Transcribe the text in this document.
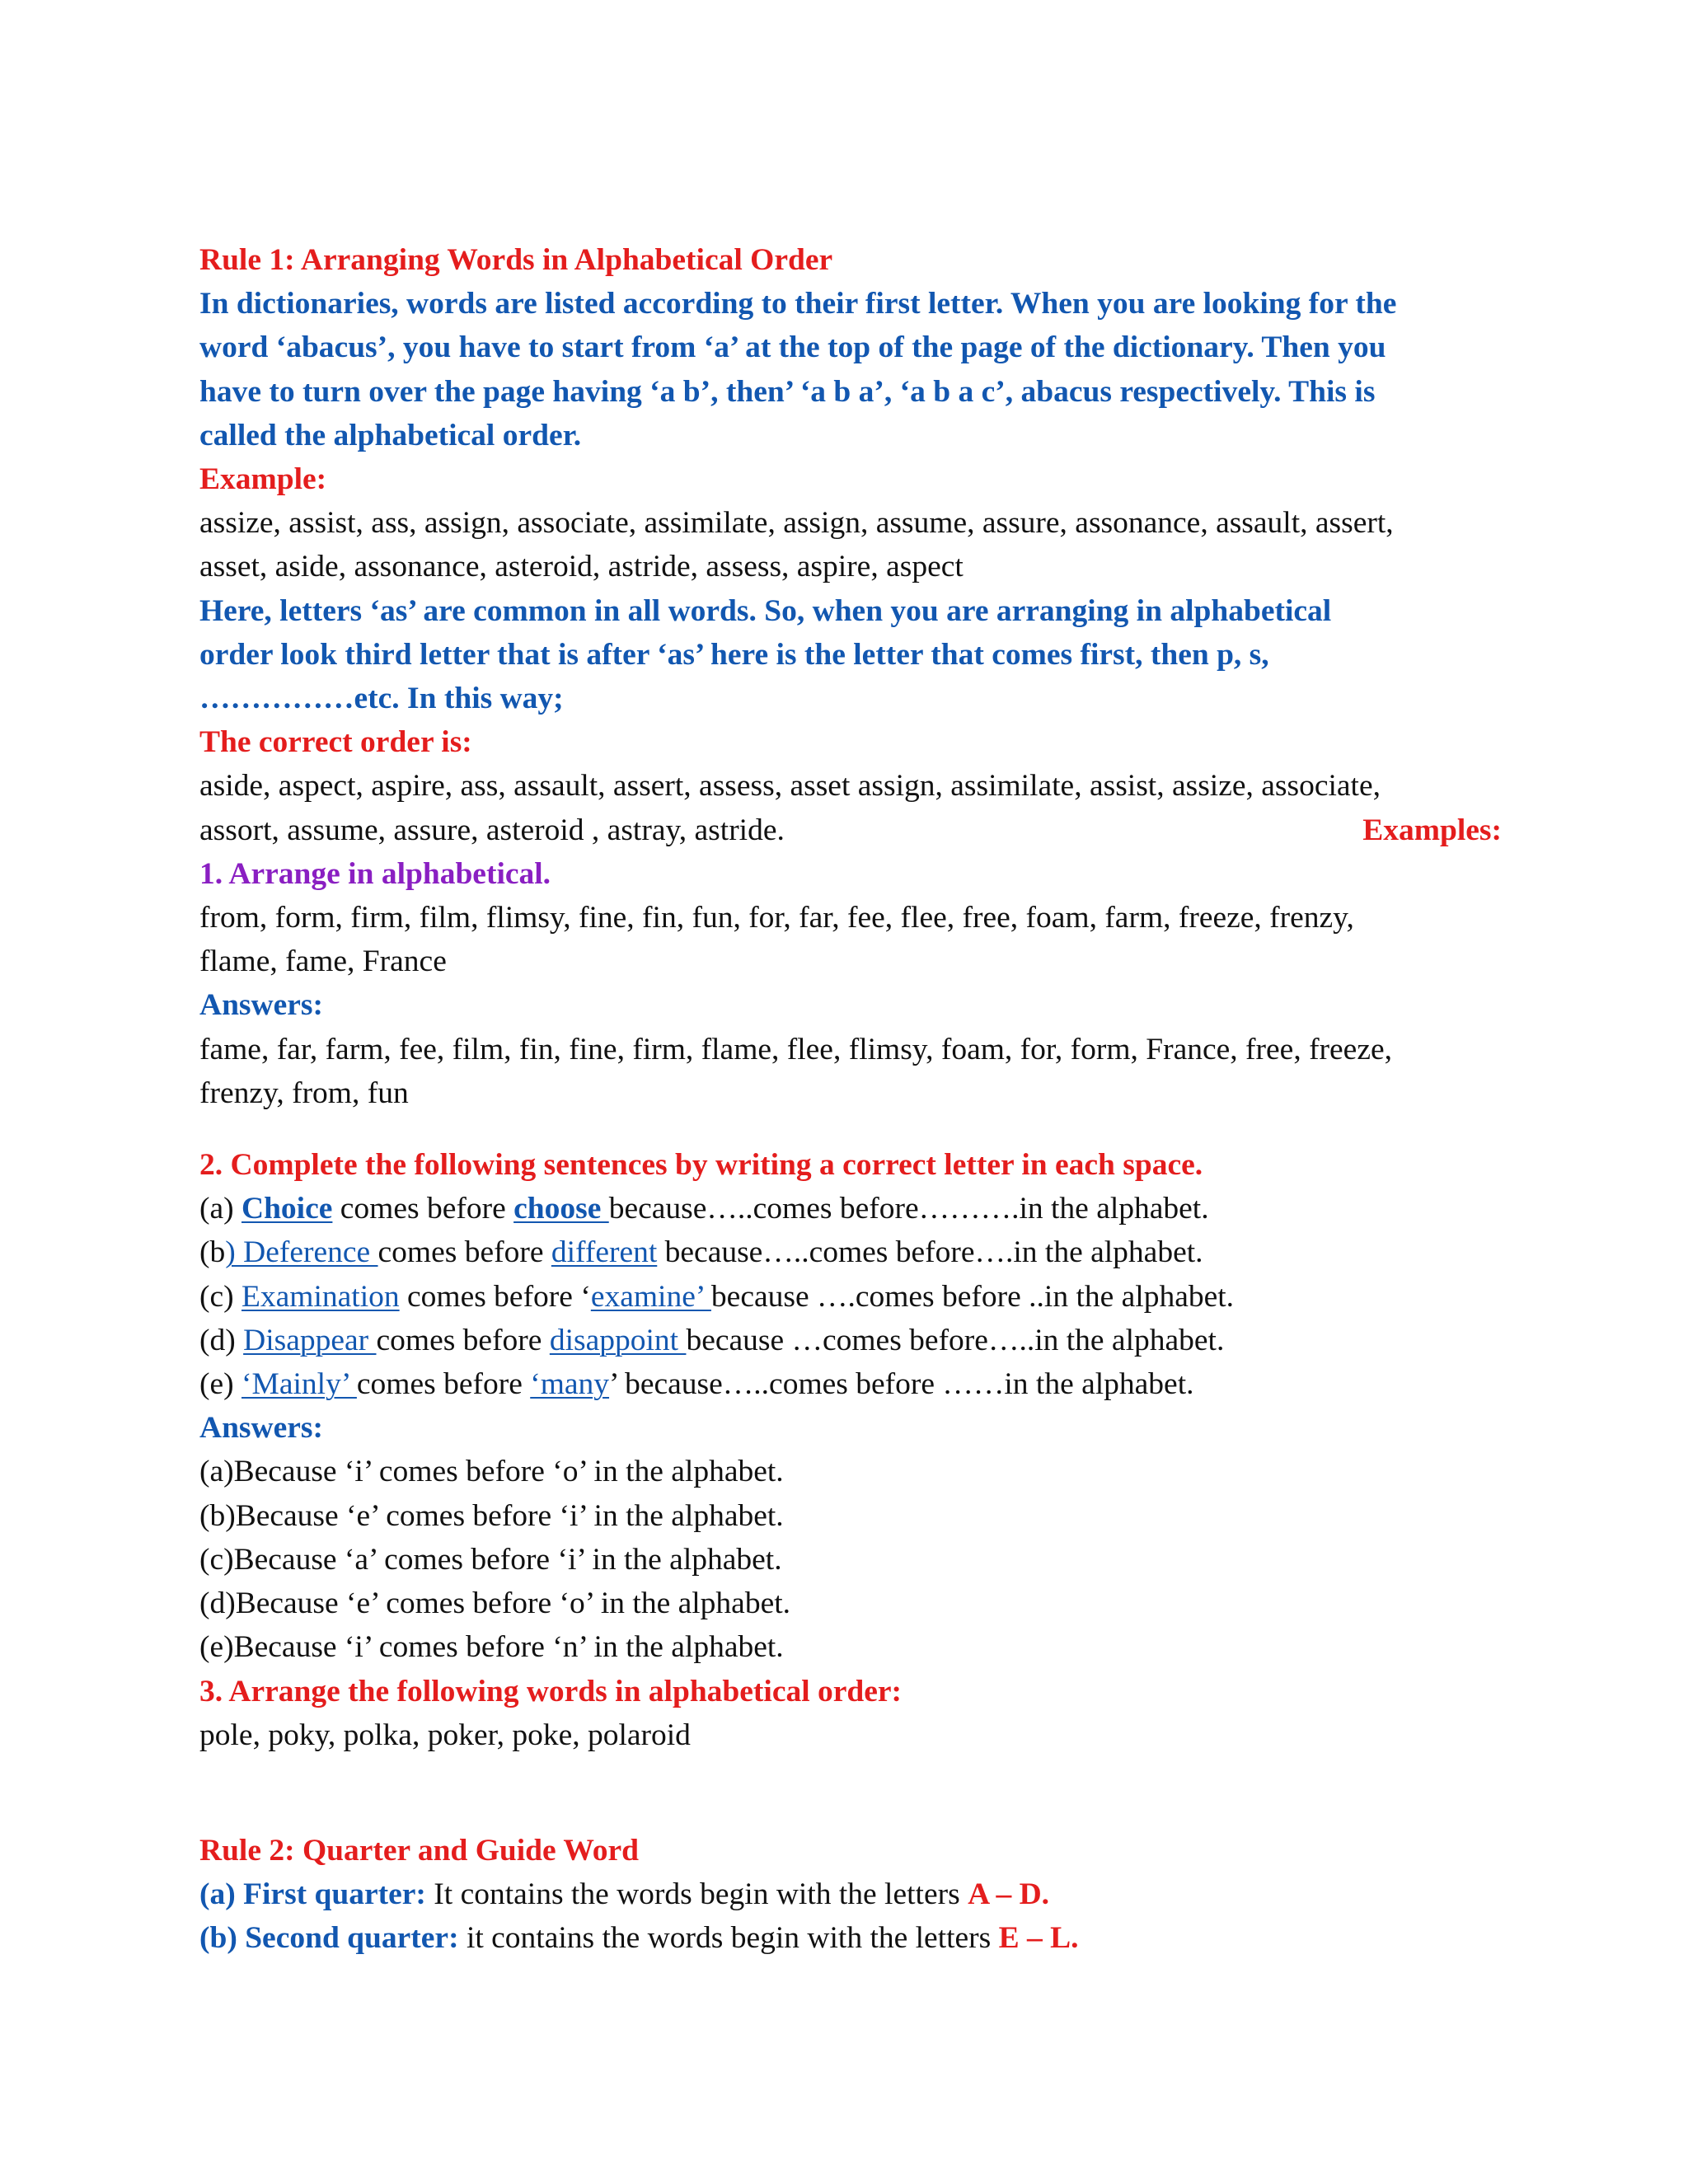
Rule 1: Arranging Words in Alphabetical Order
In dictionaries, words are listed according to their first letter. When you are looking for the
word ‘abacus’, you have to start from ‘a’ at the top of the page of the dictionary. Then you
have to turn over the page having ‘a b’, then’ ‘a b a’, ‘a b a c’, abacus respectively. This is
called the alphabetical order.
Example:
assize, assist, ass, assign, associate, assimilate, assign, assume, assure, assonance, assault, assert,
asset, aside, assonance, asteroid, astride, assess, aspire, aspect
Here, letters ‘as’ are common in all words. So, when you are arranging in alphabetical
order look third letter that is after ‘as’ here is the letter that comes first, then p, s,
……………etc. In this way;
The correct order is:
aside, aspect, aspire, ass, assault, assert, assess, asset assign, assimilate, assist, assize, associate,
assort, assume, assure, asteroid , astray, astride.	Examples:
1. Arrange in alphabetical.
from, form, firm, film, flimsy, fine, fin, fun, for, far, fee, flee, free, foam, farm, freeze, frenzy,
flame, fame, France
Answers:
fame, far, farm, fee, film, fin, fine, firm, flame, flee, flimsy, foam, for, form, France, free, freeze,
frenzy, from, fun
2. Complete the following sentences by writing a correct letter in each space.
(a) Choice comes before choose because…..comes before……….in the alphabet.
(b) Deference comes before different because…..comes before….in the alphabet.
(c) Examination comes before ‘examine’ because ….comes before ..in the alphabet.
(d) Disappear comes before disappoint because …comes before…..in the alphabet.
(e) ‘Mainly’ comes before ‘many’ because…..comes before ……in the alphabet.
Answers:
(a)Because ‘i’ comes before ‘o’ in the alphabet.
(b)Because ‘e’ comes before ‘i’ in the alphabet.
(c)Because ‘a’ comes before ‘i’ in the alphabet.
(d)Because ‘e’ comes before ‘o’ in the alphabet.
(e)Because ‘i’ comes before ‘n’ in the alphabet.
3. Arrange the following words in alphabetical order:
pole, poky, polka, poker, poke, polaroid
Rule 2: Quarter and Guide Word
(a) First quarter: It contains the words begin with the letters A – D.
(b) Second quarter: it contains the words begin with the letters E – L.
